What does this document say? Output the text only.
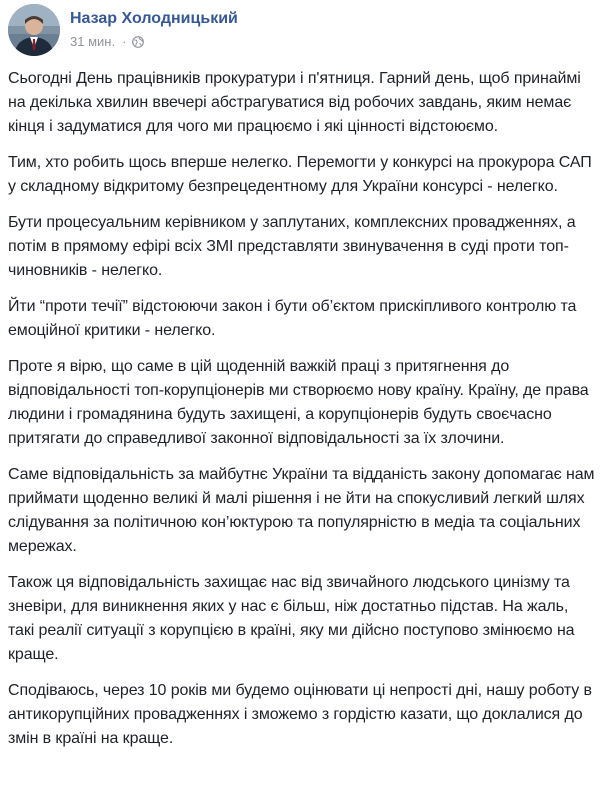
Назар Холодницький
31 мин. ·

Сьогодні День працівників прокуратури і п'ятниця. Гарний день, щоб принаймі на декілька хвилин ввечері абстрагуватися від робочих завдань, яким немає кінця і задуматися для чого ми працюємо і які цінності відстоюємо.

Тим, хто робить щось вперше нелегко. Перемогти у конкурсі на прокурора САП у складному відкритому безпрецедентному для України консурсі - нелегко.

Бути процесуальним керівником у заплутаних, комплексних провадженнях, а потім в прямому ефірі всіх ЗМІ представляти звинувачення в суді проти топ-чиновників - нелегко.

Йти “проти течії” відстоюючи закон і бути об’єктом прискіпливого контролю та емоційної критики - нелегко.

Проте я вірю, що саме в цій щоденній важкій праці з притягнення до відповідальності топ-корупціонерів ми створюємо нову країну. Країну, де права людини і громадянина будуть захищені, а корупціонерів будуть своєчасно притягати до справедливої законної відповідальності за їх злочини.

Саме відповідальність за майбутнє України та відданість закону допомагає нам приймати щоденно великі й малі рішення і не йти на спокусливий легкий шлях слідування за політичною кон’юктурою та популярністю в медіа та соціальних мережах.

Також ця відповідальність захищає нас від звичайного людського цинізму та зневіри, для виникнення яких у нас є більш, ніж достатньо підстав. На жаль, такі реалії ситуації з корупцією в країні, яку ми дійсно поступово змінюємо на краще.

Сподіваюсь, через 10 років ми будемо оцінювати ці непрості дні, нашу роботу в антикорупційних провадженнях і зможемо з гордістю казати, що доклалися до змін в країні на краще.
